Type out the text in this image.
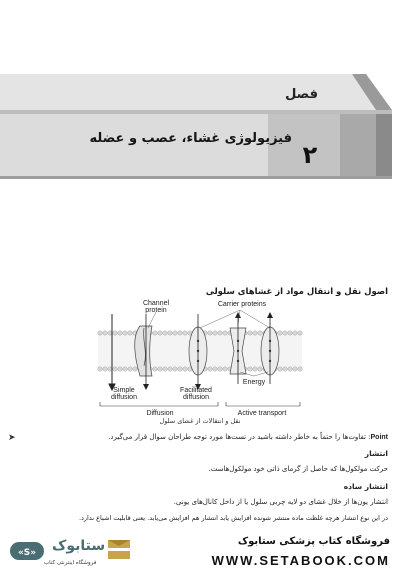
فصل
فیزیولوژی غشاء، عصب و عضله
۲
اصول نقل و انتقال مواد از غشاهای سلولی
Channel
protein
Carrier proteins
Energy
Simple
diffusion
Facilitated
diffusion
Diffusion	Active transport
نقل و انتقالات از غشای سلول
➤	Point: تفاوت‌ها را حتماً به خاطر داشته باشید در تست‌ها مورد توجه طراحان سوال قرار می‌گیرد.
انتشار
حرکت مولکول‌ها که حاصل از گرمای ذاتی خود مولکول‌هاست.
انتشار ساده
انتشار یون‌ها از خلال غشای دو لایه چربی سلول یا از داخل کانال‌های یونی.
در این نوع انتشار هرچه غلظت ماده منتشر شونده افزایش یابد انتشار هم افزایش می‌یابد. یعنی قابلیت اشباع ندارد.
«S» ستابوک
فروشگاه اینترنتی کتاب
فروشگاه کتاب پزشکی ستابوک
WWW.SETABOOK.COM
